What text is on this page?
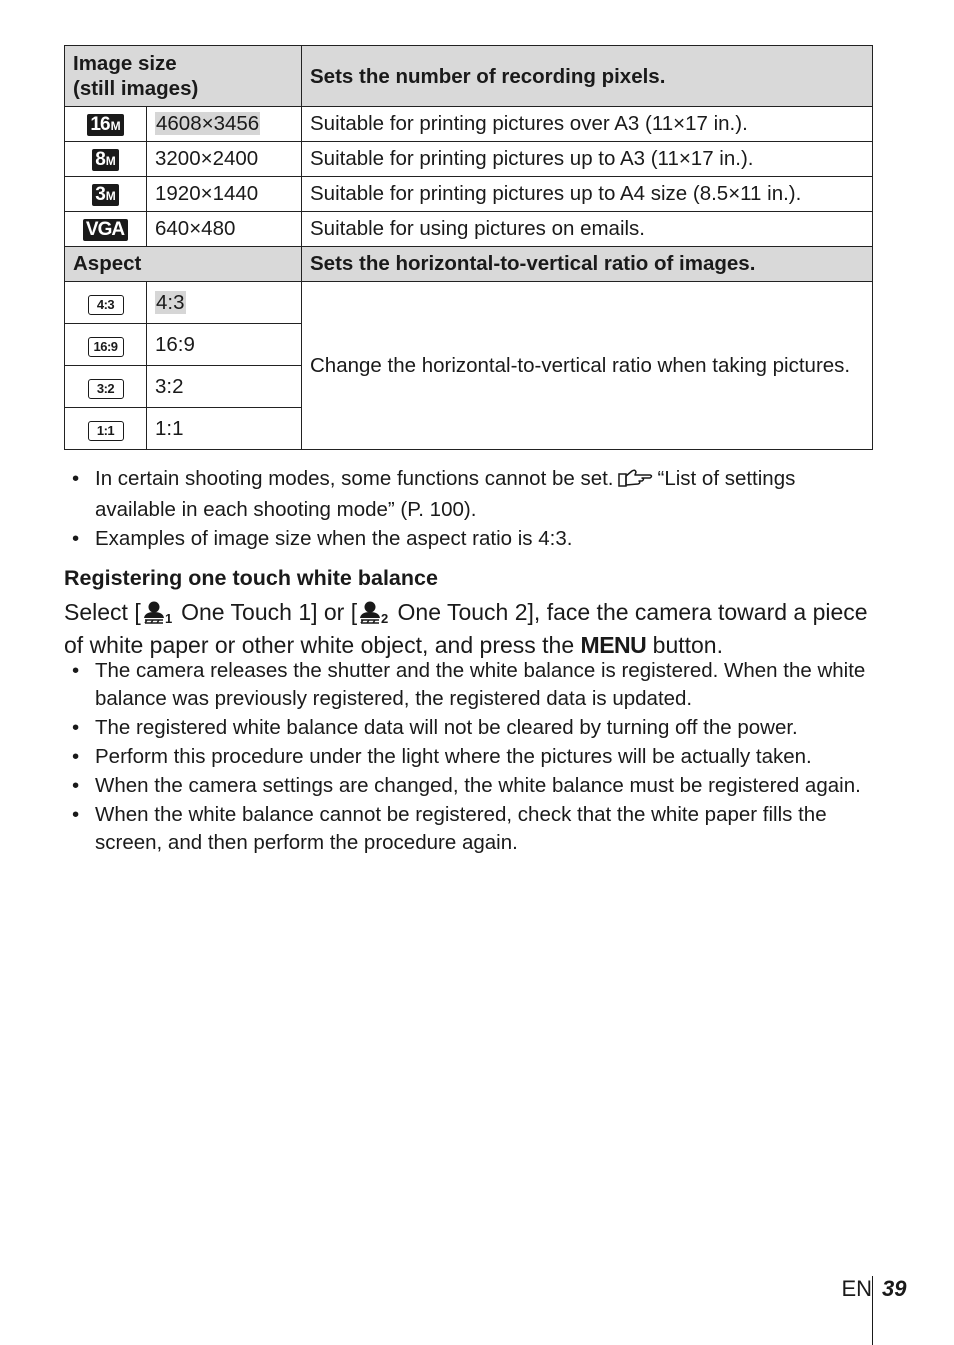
Image size
(still images)		Sets the number of recording pixels.
16M	4608×3456	Suitable for printing pictures over A3 (11×17 in.).
8M	3200×2400	Suitable for printing pictures up to A3 (11×17 in.).
3M	1920×1440	Suitable for printing pictures up to A4 size (8.5×11 in.).
VGA	640×480	Suitable for using pictures on emails.
Aspect		Sets the horizontal-to-vertical ratio of images.
4:3	4:3	Change the horizontal-to-vertical ratio when taking pictures.
16:9	16:9	
3:2	3:2	
1:1	1:1	
• In certain shooting modes, some functions cannot be set. “List of settings available in each shooting mode” (P. 100).
• Examples of image size when the aspect ratio is 4:3.
Registering one touch white balance

Select [ 1 One Touch 1] or [ 2 One Touch 2], face the camera toward a piece of white paper or other white object, and press the MENU button.

• The camera releases the shutter and the white balance is registered. When the white balance was previously registered, the registered data is updated.
• The registered white balance data will not be cleared by turning off the power.
• Perform this procedure under the light where the pictures will be actually taken.
• When the camera settings are changed, the white balance must be registered again.
• When the white balance cannot be registered, check that the white paper fills the screen, and then perform the procedure again.
EN 39
